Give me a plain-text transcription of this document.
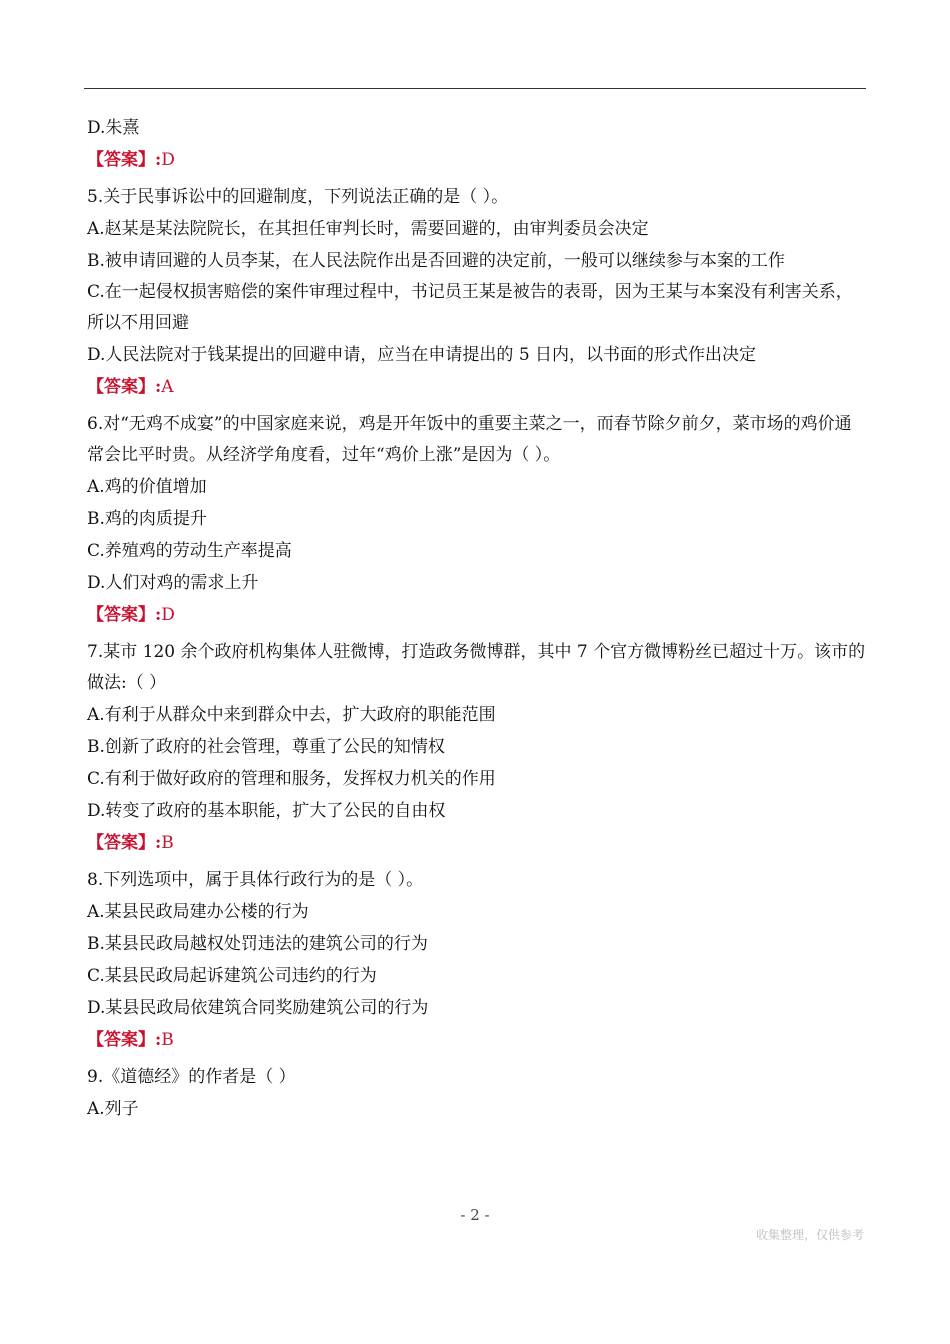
D.朱熹
【答案】:D
5.关于民事诉讼中的回避制度，下列说法正确的是（ ）。
A.赵某是某法院院长，在其担任审判长时，需要回避的，由审判委员会决定
B.被申请回避的人员李某，在人民法院作出是否回避的决定前，一般可以继续参与本案的工作
C.在一起侵权损害赔偿的案件审理过程中，书记员王某是被告的表哥，因为王某与本案没有利害关系，所以不用回避
D.人民法院对于钱某提出的回避申请，应当在申请提出的 5 日内，以书面的形式作出决定
【答案】:A
6.对“无鸡不成宴”的中国家庭来说，鸡是开年饭中的重要主菜之一，而春节除夕前夕，菜市场的鸡价通常会比平时贵。从经济学角度看，过年“鸡价上涨”是因为（ ）。
A.鸡的价值增加
B.鸡的肉质提升
C.养殖鸡的劳动生产率提高
D.人们对鸡的需求上升
【答案】:D
7.某市 120 余个政府机构集体人驻微博，打造政务微博群，其中 7 个官方微博粉丝已超过十万。该市的做法:（ ）
A.有利于从群众中来到群众中去，扩大政府的职能范围
B.创新了政府的社会管理，尊重了公民的知情权
C.有利于做好政府的管理和服务，发挥权力机关的作用
D.转变了政府的基本职能，扩大了公民的自由权
【答案】:B
8.下列选项中，属于具体行政行为的是（ ）。
A.某县民政局建办公楼的行为
B.某县民政局越权处罚违法的建筑公司的行为
C.某县民政局起诉建筑公司违约的行为
D.某县民政局依建筑合同奖励建筑公司的行为
【答案】:B
9.《道德经》的作者是（ ）
A.列子
- 2 -
收集整理，仅供参考
